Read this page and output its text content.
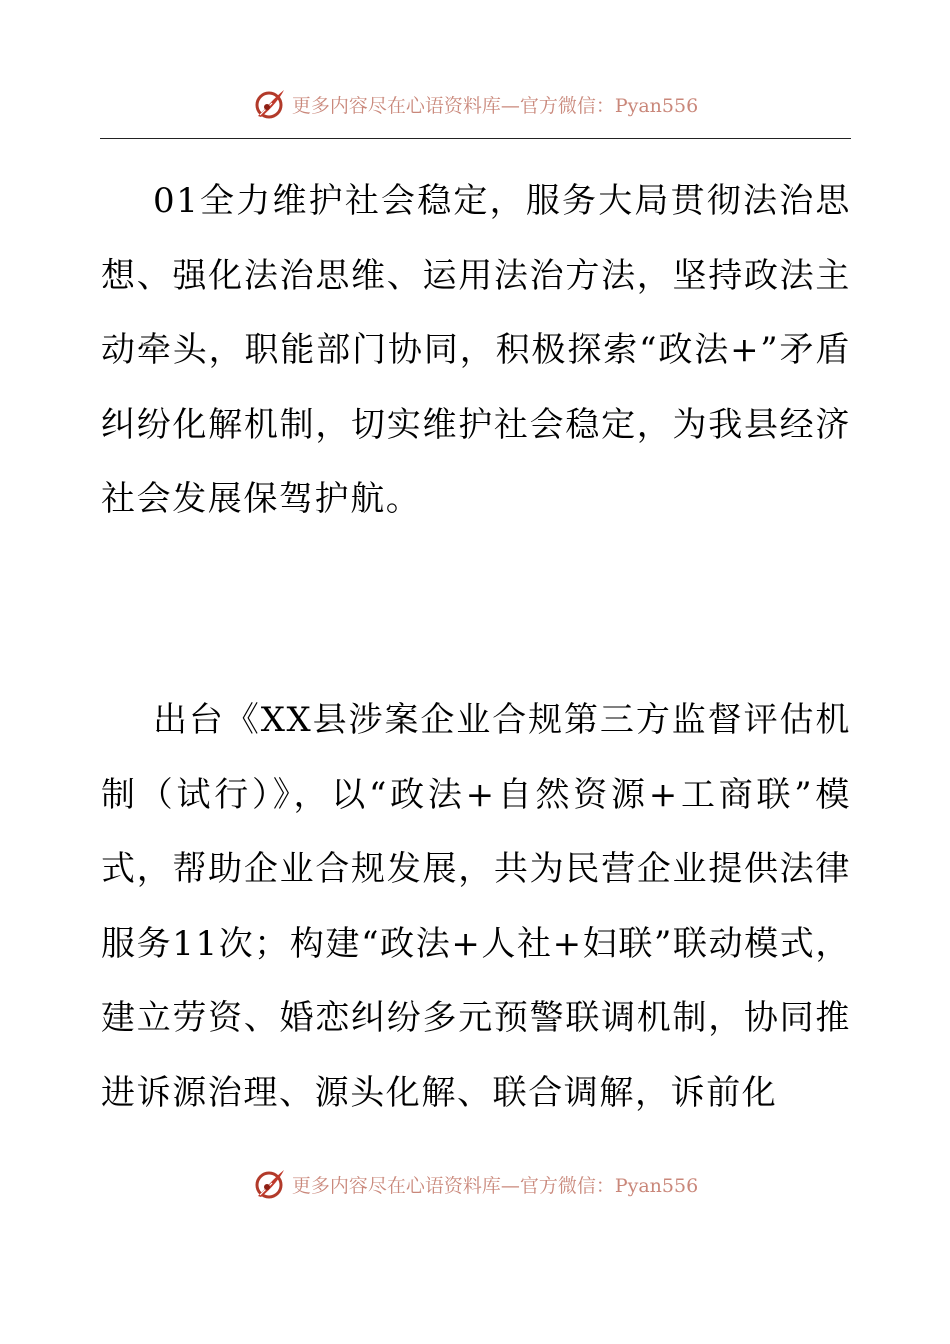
更多内容尽在心语资料库—官方微信：Pyan556

01全力维护社会稳定，服务大局贯彻法治思想、强化法治思维、运用法治方法，坚持政法主动牵头，职能部门协同，积极探索“政法+”矛盾纠纷化解机制，切实维护社会稳定，为我县经济社会发展保驾护航。

出台《XX县涉案企业合规第三方监督评估机制（试行）》，以“政法+自然资源+工商联”模式，帮助企业合规发展，共为民营企业提供法律服务11次；构建“政法+人社+妇联”联动模式，建立劳资、婚恋纠纷多元预警联调机制，协同推进诉源治理、源头化解、联合调解，诉前化

更多内容尽在心语资料库—官方微信：Pyan556
